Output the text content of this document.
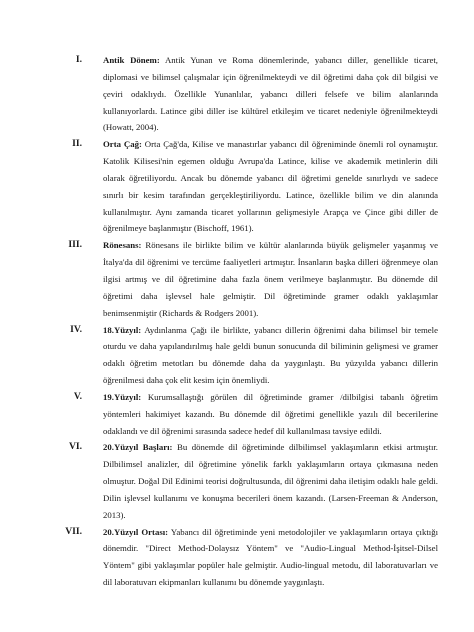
I. Antik Dönem: Antik Yunan ve Roma dönemlerinde, yabancı diller, genellikle ticaret, diplomasi ve bilimsel çalışmalar için öğrenilmekteydi ve dil öğretimi daha çok dil bilgisi ve çeviri odaklıydı. Özellikle Yunanlılar, yabancı dilleri felsefe ve bilim alanlarında kullanıyorlardı. Latince gibi diller ise kültürel etkileşim ve ticaret nedeniyle öğrenilmekteydi (Howatt, 2004).
II. Orta Çağ: Orta Çağ'da, Kilise ve manastırlar yabancı dil öğreniminde önemli rol oynamıştır. Katolik Kilisesi'nin egemen olduğu Avrupa'da Latince, kilise ve akademik metinlerin dili olarak öğretiliyordu. Ancak bu dönemde yabancı dil öğretimi genelde sınırlıydı ve sadece sınırlı bir kesim tarafından gerçekleştiriliyordu. Latince, özellikle bilim ve din alanında kullanılmıştır. Aynı zamanda ticaret yollarının gelişmesiyle Arapça ve Çince gibi diller de öğrenilmeye başlanmıştır (Bischoff, 1961).
III. Rönesans: Rönesans ile birlikte bilim ve kültür alanlarında büyük gelişmeler yaşanmış ve İtalya'da dil öğrenimi ve tercüme faaliyetleri artmıştır. İnsanların başka dilleri öğrenmeye olan ilgisi artmış ve dil öğretimine daha fazla önem verilmeye başlanmıştır. Bu dönemde dil öğretimi daha işlevsel hale gelmiştir. Dil öğretiminde gramer odaklı yaklaşımlar benimsenmiştir (Richards & Rodgers 2001).
IV. 18.Yüzyıl: Aydınlanma Çağı ile birlikte, yabancı dillerin öğrenimi daha bilimsel bir temele oturdu ve daha yapılandırılmış hale geldi bunun sonucunda dil biliminin gelişmesi ve gramer odaklı öğretim metotları bu dönemde daha da yaygınlaştı. Bu yüzyılda yabancı dillerin öğrenilmesi daha çok elit kesim için önemliydi.
V. 19.Yüzyıl: Kurumsallaştığı görülen dil öğretiminde gramer /dilbilgisi tabanlı öğretim yöntemleri hakimiyet kazandı. Bu dönemde dil öğretimi genellikle yazılı dil becerilerine odaklandı ve dil öğrenimi sırasında sadece hedef dil kullanılması tavsiye edildi.
VI. 20.Yüzyıl Başları: Bu dönemde dil öğretiminde dilbilimsel yaklaşımların etkisi artmıştır. Dilbilimsel analizler, dil öğretimine yönelik farklı yaklaşımların ortaya çıkmasına neden olmuştur. Doğal Dil Edinimi teorisi doğrultusunda, dil öğrenimi daha iletişim odaklı hale geldi. Dilin işlevsel kullanımı ve konuşma becerileri önem kazandı. (Larsen-Freeman & Anderson, 2013).
VII. 20.Yüzyıl Ortası: Yabancı dil öğretiminde yeni metodolojiler ve yaklaşımların ortaya çıktığı dönemdir. "Direct Method-Dolaysız Yöntem" ve "Audio-Lingual Method-İşitsel-Dilsel Yöntem" gibi yaklaşımlar popüler hale gelmiştir. Audio-lingual metodu, dil laboratuvarları ve dil laboratuvarı ekipmanları kullanımı bu dönemde yaygınlaştı.
